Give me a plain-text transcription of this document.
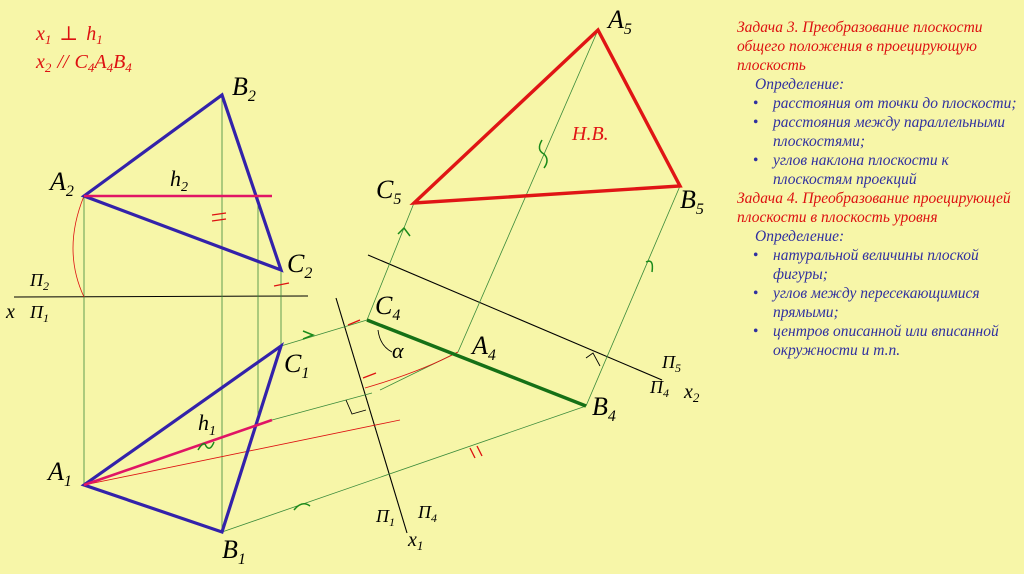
$x_1$ ⊥ $h_1$
$x_2 // C_4A_4B_4$
$B_2$
$A_2$
$h_2$
$C_2$
$C_1$
$h_1$
$A_1$
$B_1$
x
$\Pi_2$
$\Pi_1$	$C_4$
α	$A_4$
$B_4$
$\Pi_5$
$\Pi_4$ $x_2$
$\Pi_1$ $\Pi_4$
$x_1$
$A_5$
$C_5$	$B_5$
Н.В.
Задача 3. Преобразование плоскости общего положения в проецирующую плоскость
Определение:
• расстояния от точки до плоскости;
• расстояния между параллельными плоскостями;
• углов наклона плоскости к плоскостям проекций
Задача 4. Преобразование проецирующей плоскости в плоскость уровня
Определение:
• натуральной величины плоской фигуры;
• углов между пересекающимися прямыми;
• центров описанной или вписанной окружности и т.п.
